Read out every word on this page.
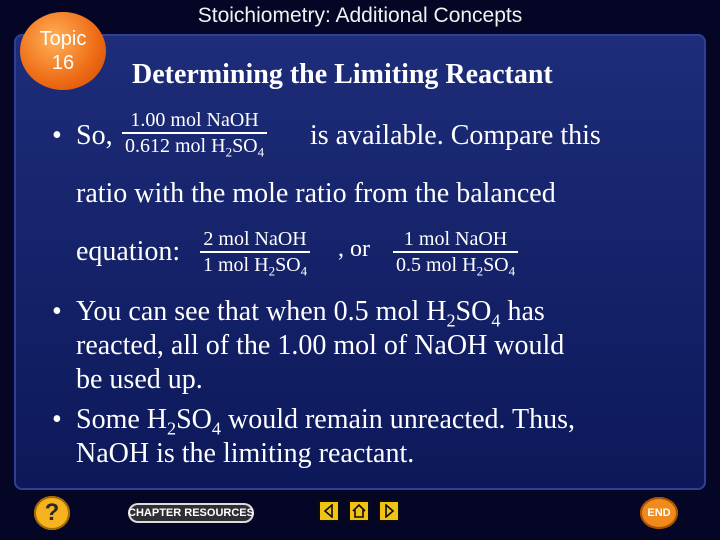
Stoichiometry: Additional Concepts
Topic
16	Determining the Limiting Reactant
• So, 1.00 mol NaOH
0.612 mol $H_2SO_4$
is available. Compare this
ratio with the mole ratio from the balanced
equation: 2 mol NaOH
1 mol $H_2SO_4$
, or	1 mol NaOH
0.5 mol $H_2SO_4$
• You can see that when 0.5 mol $H_2SO_4$ has
reacted, all of the 1.00 mol of NaOH would
be used up.
• Some $H_2SO_4$ would remain unreacted. Thus,
NaOH is the limiting reactant.
?	CHAPTER RESOURCES	END
